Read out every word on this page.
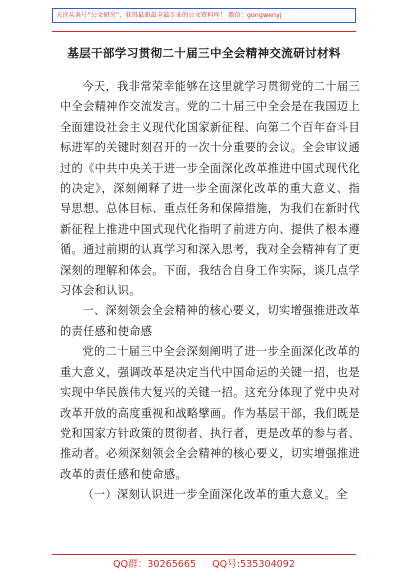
关注头条号“公文研究”，获得最新最全最专业的公文资料库！ 微信：gongwenyj
基层干部学习贯彻二十届三中全会精神交流研讨材料

今天，我非常荣幸能够在这里就学习贯彻党的二十届三中全会精神作交流发言。党的二十届三中全会是在我国迈上全面建设社会主义现代化国家新征程、向第二个百年奋斗目标进军的关键时刻召开的一次十分重要的会议。全会审议通过的《中共中央关于进一步全面深化改革推进中国式现代化的决定》，深刻阐释了进一步全面深化改革的重大意义、指导思想、总体目标、重点任务和保障措施，为我们在新时代新征程上推进中国式现代化指明了前进方向、提供了根本遵循。通过前期的认真学习和深入思考，我对全会精神有了更深刻的理解和体会。下面，我结合自身工作实际，谈几点学习体会和认识。

一、深刻领会全会精神的核心要义，切实增强推进改革的责任感和使命感

党的二十届三中全会深刻阐明了进一步全面深化改革的重大意义，强调改革是决定当代中国命运的关键一招，也是实现中华民族伟大复兴的关键一招。这充分体现了党中央对改革开放的高度重视和战略擘画。作为基层干部，我们既是党和国家方针政策的贯彻者、执行者，更是改革的参与者、推动者。必须深刻领会全会精神的核心要义，切实增强推进改革的责任感和使命感。

（一）深刻认识进一步全面深化改革的重大意义。全

QQ群：30265665 QQ号:535304092
